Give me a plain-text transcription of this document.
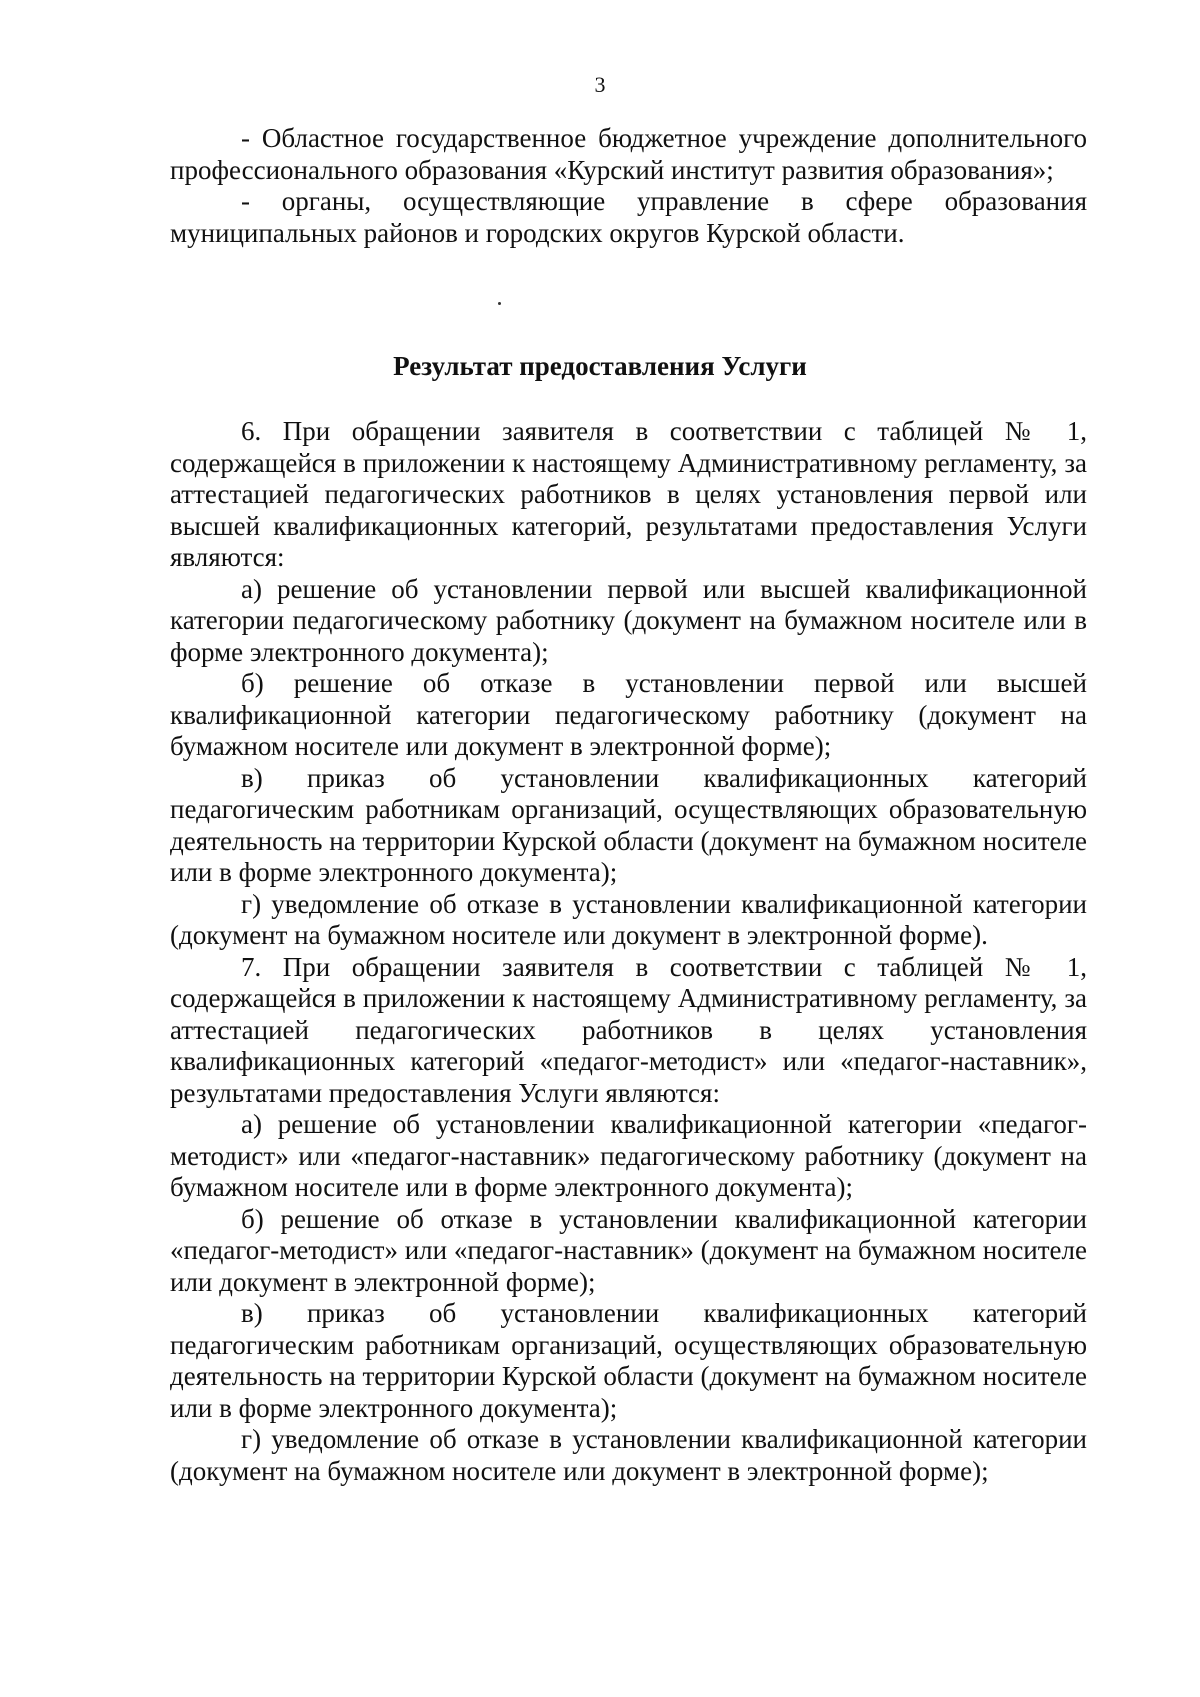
3

- Областное государственное бюджетное учреждение дополнительного профессионального образования «Курский институт развития образования»;

- органы, осуществляющие управление в сфере образования муниципальных районов и городских округов Курской области.

Результат предоставления Услуги

6. При обращении заявителя в соответствии с таблицей № 1, содержащейся в приложении к настоящему Административному регламенту, за аттестацией педагогических работников в целях установления первой или высшей квалификационных категорий, результатами предоставления Услуги являются:

а) решение об установлении первой или высшей квалификационной категории педагогическому работнику (документ на бумажном носителе или в форме электронного документа);

б) решение об отказе в установлении первой или высшей квалификационной категории педагогическому работнику (документ на бумажном носителе или документ в электронной форме);

в) приказ об установлении квалификационных категорий педагогическим работникам организаций, осуществляющих образовательную деятельность на территории Курской области (документ на бумажном носителе или в форме электронного документа);

г) уведомление об отказе в установлении квалификационной категории (документ на бумажном носителе или документ в электронной форме).

7. При обращении заявителя в соответствии с таблицей № 1, содержащейся в приложении к настоящему Административному регламенту, за аттестацией педагогических работников в целях установления квалификационных категорий «педагог-методист» или «педагог-наставник», результатами предоставления Услуги являются:

а) решение об установлении квалификационной категории «педагог-методист» или «педагог-наставник» педагогическому работнику (документ на бумажном носителе или в форме электронного документа);

б) решение об отказе в установлении квалификационной категории «педагог-методист» или «педагог-наставник» (документ на бумажном носителе или документ в электронной форме);

в) приказ об установлении квалификационных категорий педагогическим работникам организаций, осуществляющих образовательную деятельность на территории Курской области (документ на бумажном носителе или в форме электронного документа);

г) уведомление об отказе в установлении квалификационной категории (документ на бумажном носителе или документ в электронной форме);
